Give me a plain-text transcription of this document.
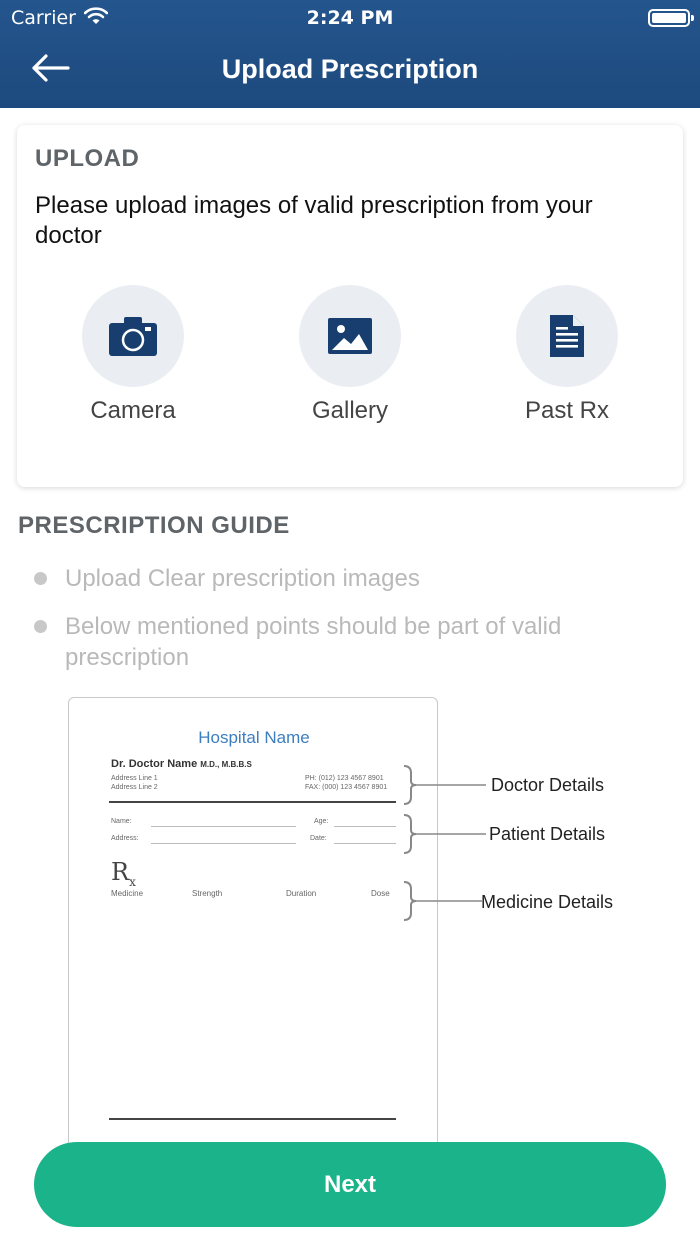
Carrier	2:24 PM
Upload Prescription
UPLOAD
Please upload images of valid prescription from your doctor
Camera	Gallery	Past Rx
PRESCRIPTION GUIDE
Upload Clear prescription images
Below mentioned points should be part of valid prescription
Hospital Name
Dr. Doctor Name M.D., M.B.B.S
Address Line 1
Address Line 2
PH: (012) 123 4567 8901
FAX: (000) 123 4567 8901
Name:	Age:
Address:	Date:
$R_x$
Medicine	Strength	Duration	Dose
Doctor Details
Patient Details
Medicine Details
Next
